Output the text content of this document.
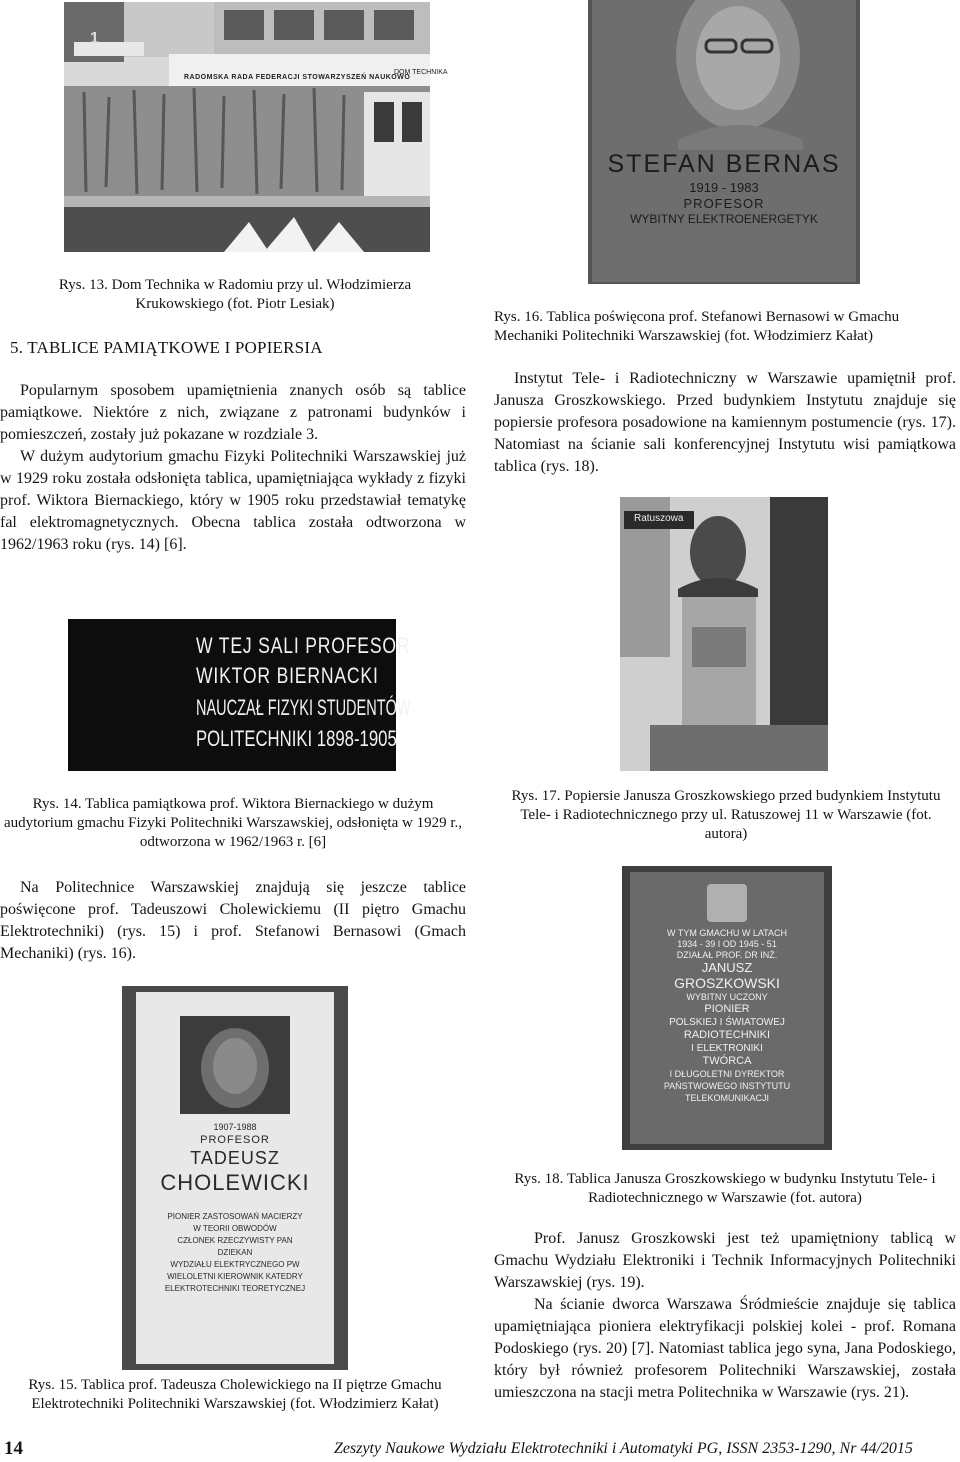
DOM TECHNIKA
RADOMSKA RADA FEDERACJI STOWARZYSZEŃ NAUKOWO
1
STEFAN BERNAS
1919 - 1983
PROFESOR
WYBITNY ELEKTROENERGETYK
Rys. 13. Dom Technika w Radomiu przy ul. Włodzimierza Krukowskiego (fot. Piotr Lesiak)
5. TABLICE PAMIĄTKOWE I POPIERSIA
Popularnym sposobem upamiętnienia znanych osób są tablice pamiątkowe. Niektóre z nich, związane z patronami budynków i pomieszczeń, zostały już pokazane w rozdziale 3.
W dużym audytorium gmachu Fizyki Politechniki Warszawskiej już w 1929 roku została odsłonięta tablica, upamiętniająca wykłady z fizyki prof. Wiktora Biernackiego, który w 1905 roku przedstawiał tematykę fal elektromagnetycznych. Obecna tablica została odtworzona w 1962/1963 roku (rys. 14) [6].
Rys. 16. Tablica poświęcona prof. Stefanowi Bernasowi w Gmachu Mechaniki Politechniki Warszawskiej (fot. Włodzimierz Kałat)
Instytut Tele- i Radiotechniczny w Warszawie upamiętnił prof. Janusza Groszkowskiego. Przed budynkiem Instytutu znajduje się popiersie profesora posadowione na kamiennym postumencie (rys. 17). Natomiast na ścianie sali konferencyjnej Instytutu wisi pamiątkowa tablica (rys. 18).
W TEJ SALI PROFESOR
WIKTOR BIERNACKI
NAUCZAŁ FIZYKI STUDENTÓW
POLITECHNIKI 1898-1905
Ratuszowa
Rys. 14. Tablica pamiątkowa prof. Wiktora Biernackiego w dużym audytorium gmachu Fizyki Politechniki Warszawskiej, odsłonięta w 1929 r., odtworzona w 1962/1963 r. [6]
Rys. 17. Popiersie Janusza Groszkowskiego przed budynkiem Instytutu Tele- i Radiotechnicznego przy ul. Ratuszowej 11 w Warszawie (fot. autora)
Na Politechnice Warszawskiej znajdują się jeszcze tablice poświęcone prof. Tadeuszowi Cholewickiemu (II piętro Gmachu Elektrotechniki) (rys. 15) i prof. Stefanowi Bernasowi (Gmach Mechaniki) (rys. 16).
W TYM GMACHU W LATACH
1934 - 39 I OD 1945 - 51
DZIAŁAŁ PROF. DR INŻ.
JANUSZ
GROSZKOWSKI
WYBITNY UCZONY
PIONIER
POLSKIEJ I ŚWIATOWEJ
RADIOTECHNIKI
I ELEKTRONIKI
TWÓRCA
I DŁUGOLETNI DYREKTOR
PAŃSTWOWEGO INSTYTUTU
TELEKOMUNIKACJI
1907-1988
PROFESOR
TADEUSZ
CHOLEWICKI
PIONIER ZASTOSOWAŃ MACIERZY
W TEORII OBWODÓW
CZŁONEK RZECZYWISTY PAN
DZIEKAN
WYDZIAŁU ELEKTRYCZNEGO PW
WIELOLETNI KIEROWNIK KATEDRY
ELEKTROTECHNIKI TEORETYCZNEJ
Rys. 18. Tablica Janusza Groszkowskiego w budynku Instytutu Tele- i Radiotechnicznego w Warszawie (fot. autora)
Prof. Janusz Groszkowski jest też upamiętniony tablicą w Gmachu Wydziału Elektroniki i Technik Informacyjnych Politechniki Warszawskiej (rys. 19).
Na ścianie dworca Warszawa Śródmieście znajduje się tablica upamiętniająca pioniera elektryfikacji polskiej kolei - prof. Romana Podoskiego (rys. 20) [7]. Natomiast tablica jego syna, Jana Podoskiego, który był również profesorem Politechniki Warszawskiej, została umieszczona na stacji metra Politechnika w Warszawie (rys. 21).
Rys. 15. Tablica prof. Tadeusza Cholewickiego na II piętrze Gmachu Elektrotechniki Politechniki Warszawskiej (fot. Włodzimierz Kałat)
14	Zeszyty Naukowe Wydziału Elektrotechniki i Automatyki PG, ISSN 2353-1290, Nr 44/2015
